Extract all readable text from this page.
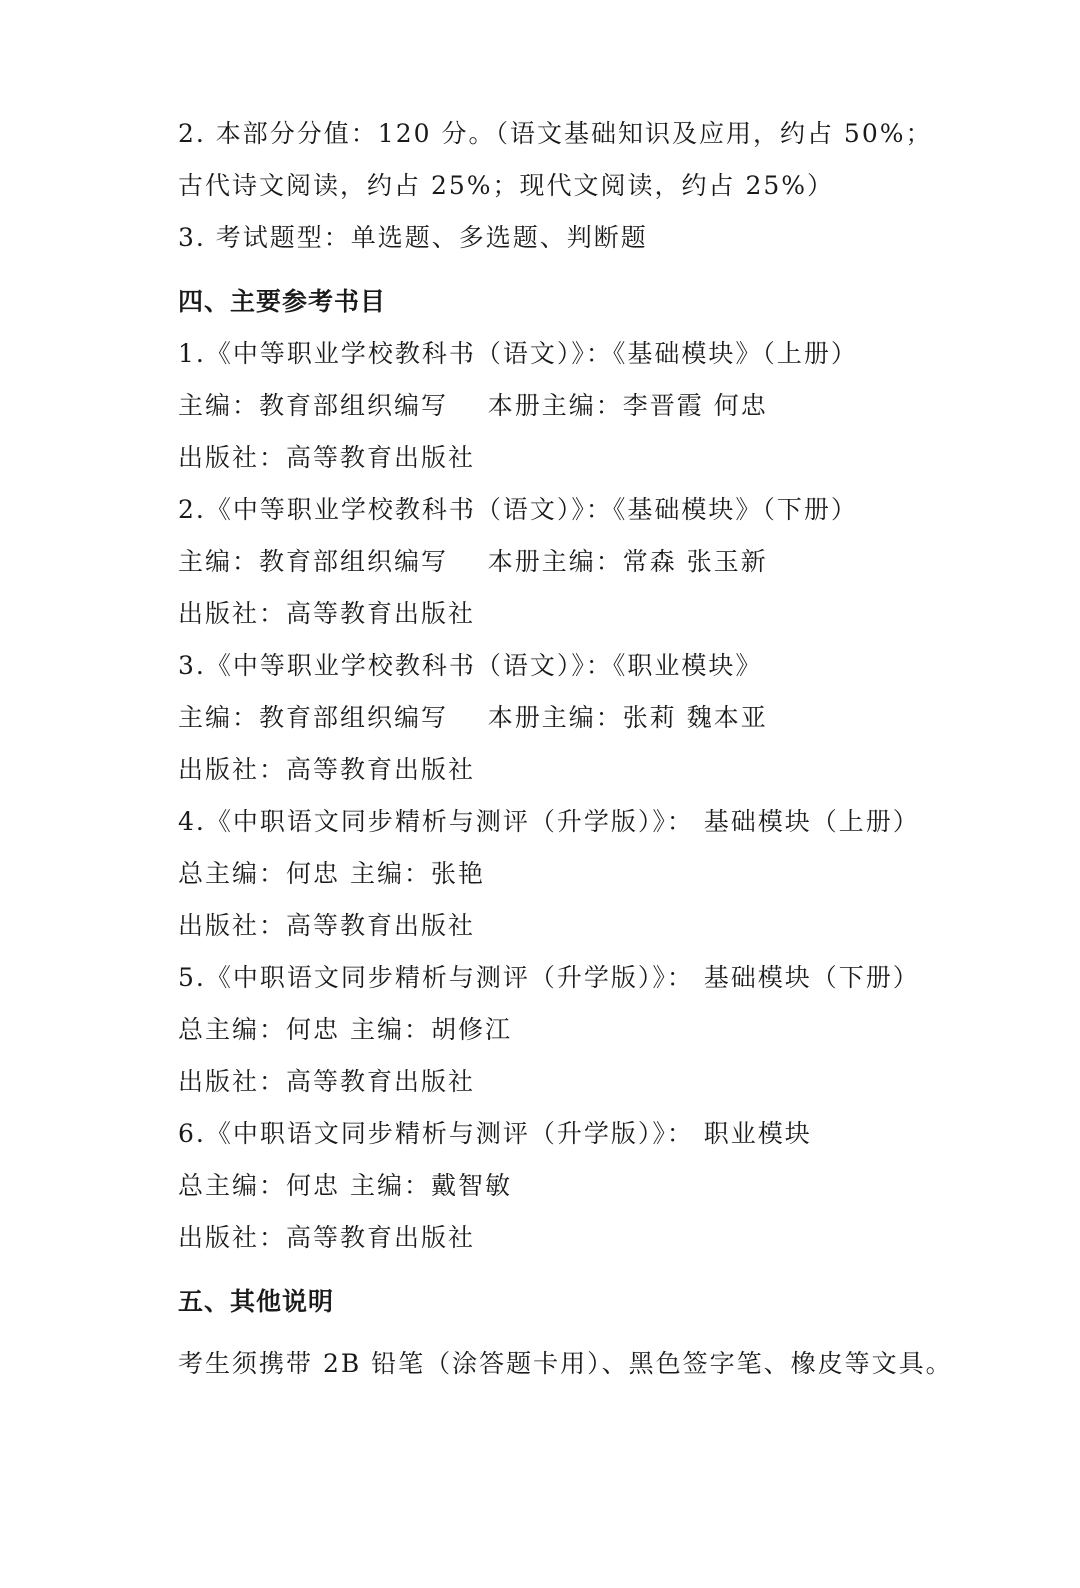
2. 本部分分值：120 分。（语文基础知识及应用，约占 50%；
古代诗文阅读，约占 25%；现代文阅读，约占 25%）
3. 考试题型：单选题、多选题、判断题
四、主要参考书目
1.《中等职业学校教科书（语文）》：《基础模块》（上册）
主编：教育部组织编写    本册主编：李晋霞 何忠
出版社：高等教育出版社
2.《中等职业学校教科书（语文）》：《基础模块》（下册）
主编：教育部组织编写    本册主编：常森 张玉新
出版社：高等教育出版社
3.《中等职业学校教科书（语文）》：《职业模块》
主编：教育部组织编写    本册主编：张莉 魏本亚
出版社：高等教育出版社
4.《中职语文同步精析与测评（升学版）》： 基础模块（上册）
总主编：何忠 主编：张艳
出版社：高等教育出版社
5.《中职语文同步精析与测评（升学版）》： 基础模块（下册）
总主编：何忠 主编：胡修江
出版社：高等教育出版社
6.《中职语文同步精析与测评（升学版）》： 职业模块
总主编：何忠 主编：戴智敏
出版社：高等教育出版社
五、其他说明
考生须携带 2B 铅笔（涂答题卡用）、黑色签字笔、橡皮等文具。
